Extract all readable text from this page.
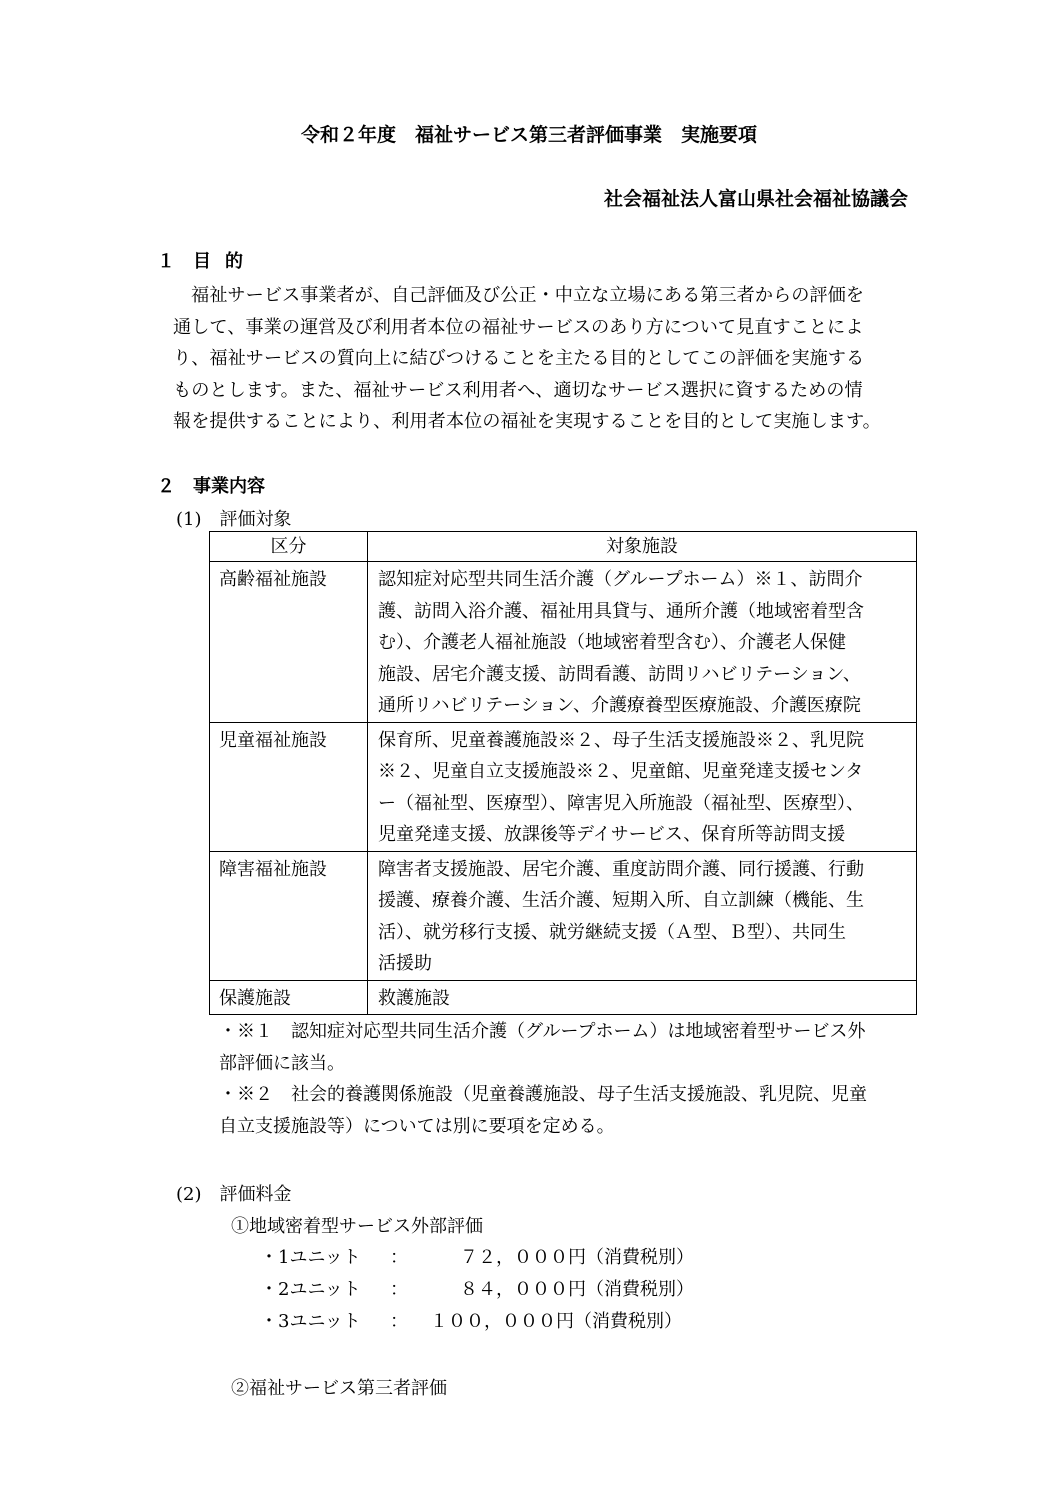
令和２年度　福祉サービス第三者評価事業　実施要項
社会福祉法人富山県社会福祉協議会
１ 目的
福祉サービス事業者が、自己評価及び公正・中立な立場にある第三者からの評価を
通して、事業の運営及び利用者本位の福祉サービスのあり方について見直すことによ
り、福祉サービスの質向上に結びつけることを主たる目的としてこの評価を実施する
ものとします。また、福祉サービス利用者へ、適切なサービス選択に資するための情
報を提供することにより、利用者本位の福祉を実現することを目的として実施します。
２ 事業内容
(1)　評価対象
区分	対象施設
高齢福祉施設	認知症対応型共同生活介護（グループホーム）※１、訪問介
護、訪問入浴介護、福祉用具貸与、通所介護（地域密着型含
む）、介護老人福祉施設（地域密着型含む）、介護老人保健
施設、居宅介護支援、訪問看護、訪問リハビリテーション、
通所リハビリテーション、介護療養型医療施設、介護医療院

児童福祉施設	保育所、児童養護施設※２、母子生活支援施設※２、乳児院
※２、児童自立支援施設※２、児童館、児童発達支援センタ
ー（福祉型、医療型）、障害児入所施設（福祉型、医療型）、
児童発達支援、放課後等デイサービス、保育所等訪問支援

障害福祉施設	障害者支援施設、居宅介護、重度訪問介護、同行援護、行動
援護、療養介護、生活介護、短期入所、自立訓練（機能、生
活）、就労移行支援、就労継続支援（Ａ型、Ｂ型）、共同生
活援助

保護施設	救護施設
・※１　認知症対応型共同生活介護（グループホーム）は地域密着型サービス外
部評価に該当。
・※２　社会的養護関係施設（児童養護施設、母子生活支援施設、乳児院、児童
自立支援施設等）については別に要項を定める。
(2)　評価料金
①地域密着型サービス外部評価
・1ユニット ：	７２，０００円（消費税別）
・2ユニット ：	８４，０００円（消費税別）
・3ユニット ： １００，０００円（消費税別）
②福祉サービス第三者評価
